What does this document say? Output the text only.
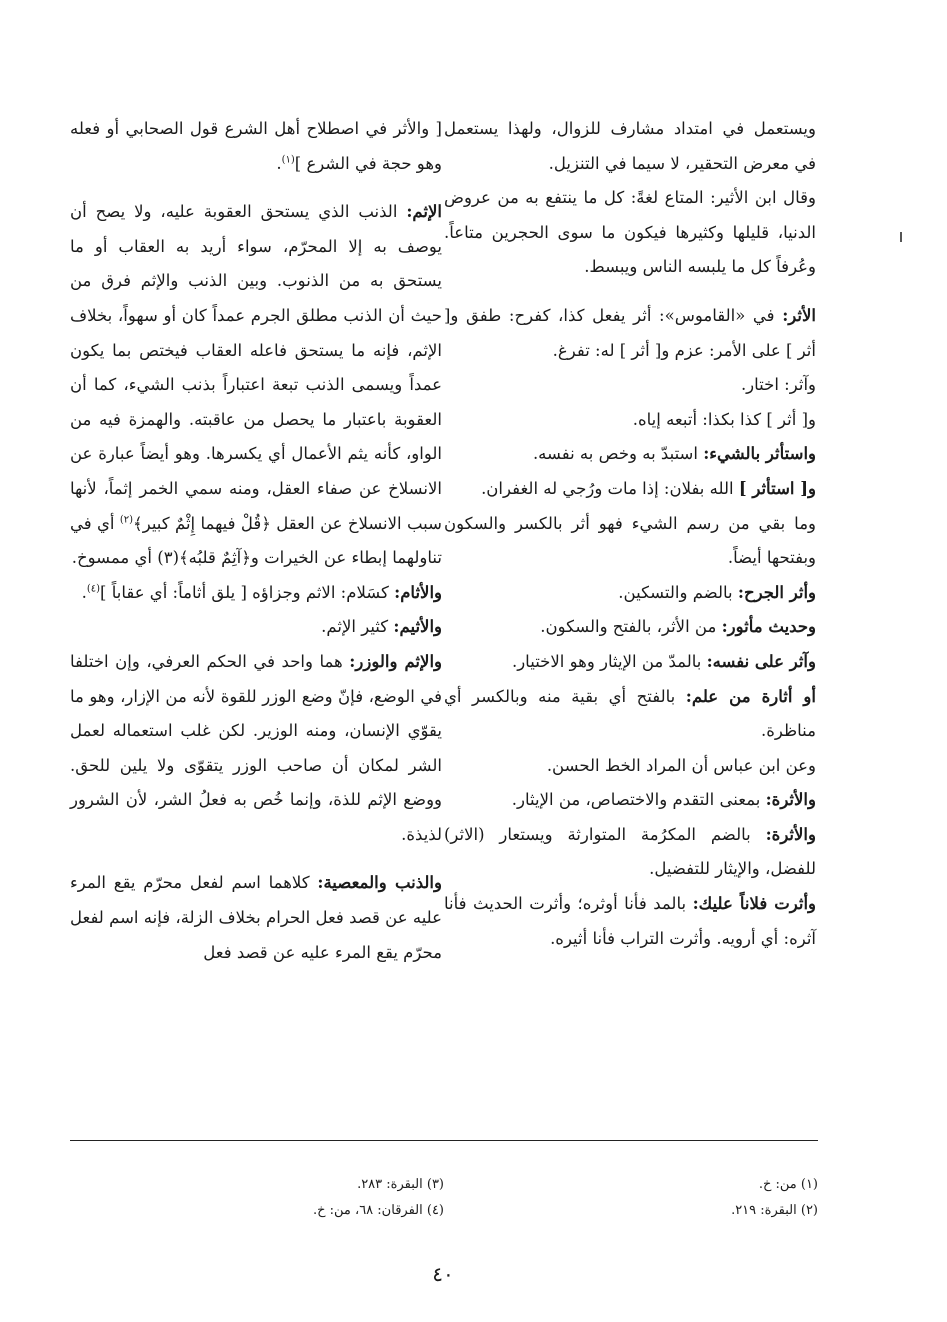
ويستعمل في امتداد مشارف للزوال، ولهذا يستعمل في معرض التحقير، لا سيما في التنزيل.

وقال ابن الأثير: المتاع لغةً: كل ما ينتفع به من عروض الدنيا، قليلها وكثيرها فيكون ما سوى الحجرين متاعاً. وعُرفاً كل ما يلبسه الناس ويبسط.

الأثر: في «القاموس»: أثر يفعل كذا، كفرح: طفق و[ أثر ] على الأمر: عزم و[ أثر ] له: تفرغ.

وآثر: اختار.

و[ أثر ] كذا بكذا: أتبعه إياه.

واستأثر بالشيء: استبدّ به وخص به نفسه.

و[ استأثر ] الله بفلان: إذا مات ورُجي له الغفران.

وما بقي من رسم الشيء فهو أثر بالكسر والسكون وبفتحها أيضاً.

وأثر الجرح: بالضم والتسكين.

وحديث مأثور: من الأثر، بالفتح والسكون.

وآثر على نفسه: بالمدّ من الإيثار وهو الاختيار.

أو أثارة من علم: بالفتح أي بقية منه وبالكسر أي مناظرة.

وعن ابن عباس أن المراد الخط الحسن.

والأثرة: بمعنى التقدم والاختصاص، من الإيثار.

والأثرة: بالضم المكرُمة المتوارثة ويستعار (الاثر) للفضل، والإيثار للتفضيل.

وأثرت فلاناً عليك: بالمد فأنا أوثره؛ وأثرت الحديث فأنا آثره: أي أرويه. وأثرت التراب فأنا أثيره.

[ والأثر في اصطلاح أهل الشرع قول الصحابي أو فعله وهو حجة في الشرع ]$^{(١)}$.

الإثم: الذنب الذي يستحق العقوبة عليه، ولا يصح أن يوصف به إلا المحرّم، سواء أريد به العقاب أو ما يستحق به من الذنوب. وبين الذنب والإثم فرق من حيث أن الذنب مطلق الجرم عمداً كان أو سهواً، بخلاف الإثم، فإنه ما يستحق فاعله العقاب فيختص بما يكون عمداً ويسمى الذنب تبعة اعتباراً بذنب الشيء، كما أن العقوبة باعتبار ما يحصل من عاقبته. والهمزة فيه من الواو، كأنه يثم الأعمال أي يكسرها. وهو أيضاً عبارة عن الانسلاخ عن صفاء العقل، ومنه سمي الخمر إثماً، لأنها سبب الانسلاخ عن العقل ﴿قُلْ فيهما إِثْمٌ كبير﴾$^{(٢)}$ أي في تناولهما إبطاء عن الخيرات و﴿آثِمٌ قلبُه﴾(٣) أي ممسوخ.

والأثام: كسَلام: الاثم وجزاؤه [ يلق أثاماً: أي عقاباً ]$^{(٤)}$.

والأثيم: كثير الإثم.

والإثم والوزر: هما واحد في الحكم العرفي، وإن اختلفا في الوضع، فإنّ وضع الوزر للقوة لأنه من الإزار، وهو ما يقوّي الإنسان، ومنه الوزير. لكن غلب استعماله لعمل الشر لمكان أن صاحب الوزر يتقوّى ولا يلين للحق. ووضع الإثم للذة، وإنما خُص به فعلُ الشر، لأن الشرور لذيذة.

والذنب والمعصية: كلاهما اسم لفعل محرّم يقع المرء عليه عن قصد فعل الحرام بخلاف الزلة، فإنه اسم لفعل محرّم يقع المرء عليه عن قصد فعل

(١) من: خ.

(٢) البقرة: ٢١٩.

(٣) البقرة: ٢٨٣.

(٤) الفرقان: ٦٨، من: خ.

٤٠
